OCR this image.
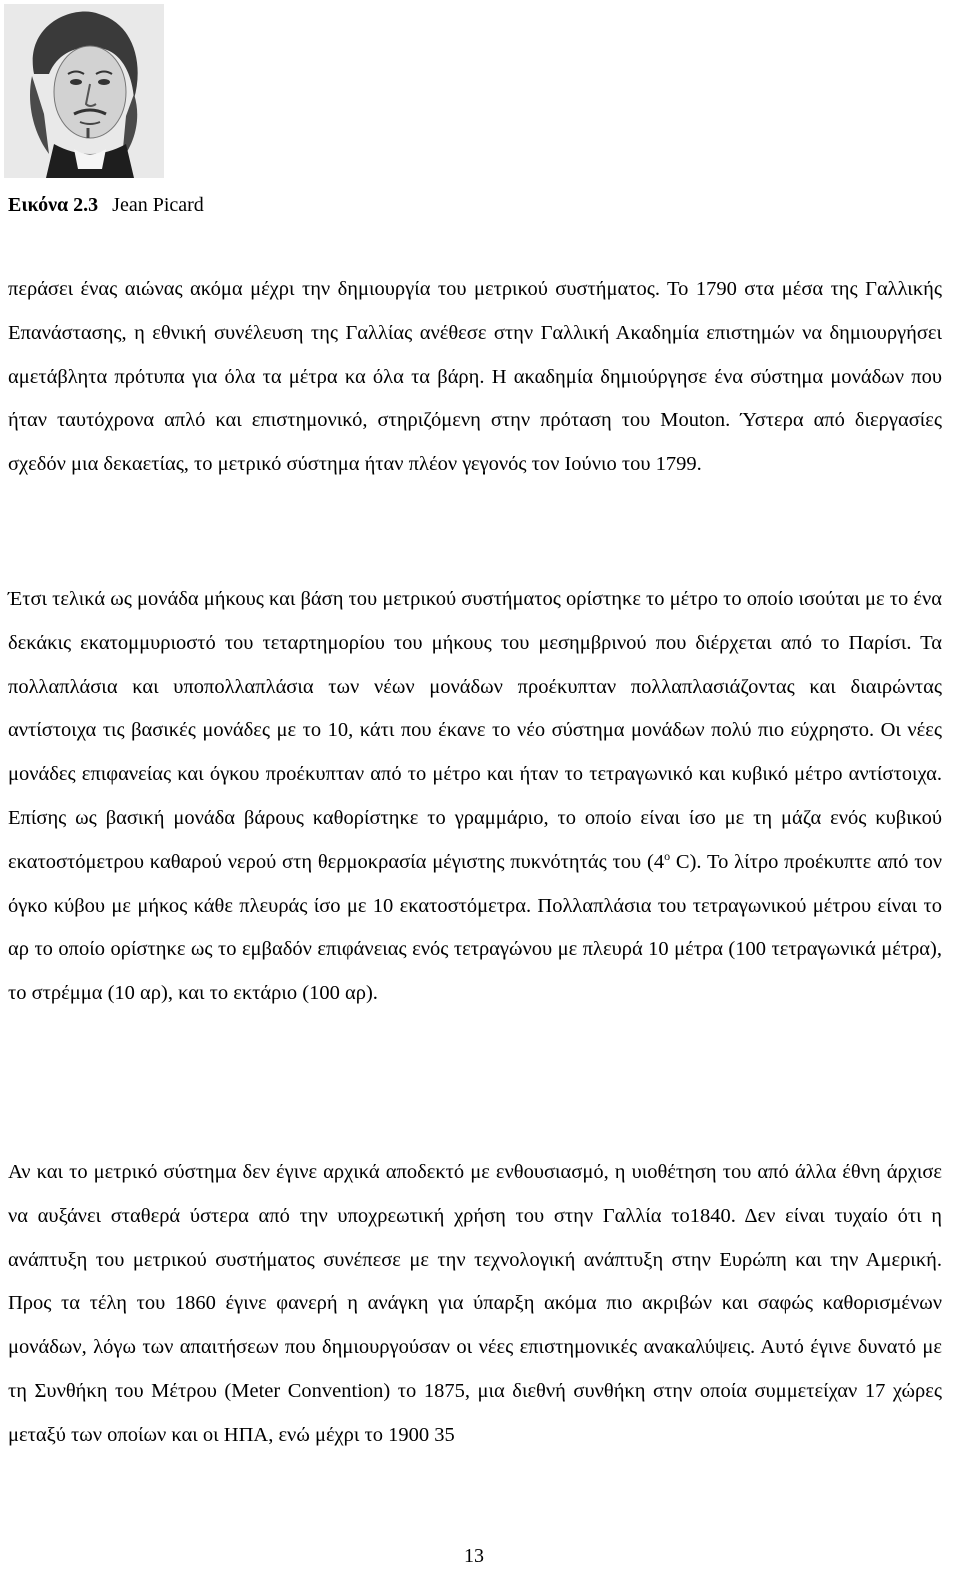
Εικόνα 2.3 Jean Picard

περάσει ένας αιώνας ακόμα μέχρι την δημιουργία του μετρικού συστήματος. Το 1790 στα μέσα της Γαλλικής Επανάστασης, η εθνική συνέλευση της Γαλλίας ανέθεσε στην Γαλλική Ακαδημία επιστημών να δημιουργήσει αμετάβλητα πρότυπα για όλα τα μέτρα κα όλα τα βάρη. Η ακαδημία δημιούργησε ένα σύστημα μονάδων που ήταν ταυτόχρονα απλό και επιστημονικό, στηριζόμενη στην πρόταση του Mouton. Ύστερα από διεργασίες σχεδόν μια δεκαετίας, το μετρικό σύστημα ήταν πλέον γεγονός τον Ιούνιο του 1799.

Έτσι τελικά ως μονάδα μήκους και βάση του μετρικού συστήματος ορίστηκε το μέτρο το οποίο ισούται με το ένα δεκάκις εκατομμυριοστό του τεταρτημορίου του μήκους του μεσημβρινού που διέρχεται από το Παρίσι. Τα πολλαπλάσια και υποπολλαπλάσια των νέων μονάδων προέκυπταν πολλαπλασιάζοντας και διαιρώντας αντίστοιχα τις βασικές μονάδες με το 10, κάτι που έκανε το νέο σύστημα μονάδων πολύ πιο εύχρηστο. Οι νέες μονάδες επιφανείας και όγκου προέκυπταν από το μέτρο και ήταν το τετραγωνικό και κυβικό μέτρο αντίστοιχα. Επίσης ως βασική μονάδα βάρους καθορίστηκε το γραμμάριο, το οποίο είναι ίσο με τη μάζα ενός κυβικού εκατοστόμετρου καθαρού νερού στη θερμοκρασία μέγιστης πυκνότητάς του ($4^o$ C). Το λίτρο προέκυπτε από τον όγκο κύβου με μήκος κάθε πλευράς ίσο με 10 εκατοστόμετρα. Πολλαπλάσια του τετραγωνικού μέτρου είναι το αρ το οποίο ορίστηκε ως το εμβαδόν επιφάνειας ενός τετραγώνου με πλευρά 10 μέτρα (100 τετραγωνικά μέτρα), το στρέμμα (10 αρ), και το εκτάριο (100 αρ).

Αν και το μετρικό σύστημα δεν έγινε αρχικά αποδεκτό με ενθουσιασμό, η υιοθέτηση του από άλλα έθνη άρχισε να αυξάνει σταθερά ύστερα από την υποχρεωτική χρήση του στην Γαλλία το1840. Δεν είναι τυχαίο ότι η ανάπτυξη του μετρικού συστήματος συνέπεσε με την τεχνολογική ανάπτυξη στην Ευρώπη και την Αμερική. Προς τα τέλη του 1860 έγινε φανερή η ανάγκη για ύπαρξη ακόμα πιο ακριβών και σαφώς καθορισμένων μονάδων, λόγω των απαιτήσεων που δημιουργούσαν οι νέες επιστημονικές ανακαλύψεις. Αυτό έγινε δυνατό με τη Συνθήκη του Μέτρου (Meter Convention) το 1875, μια διεθνή συνθήκη στην οποία συμμετείχαν 17 χώρες μεταξύ των οποίων και οι ΗΠΑ, ενώ μέχρι το 1900 35

13
